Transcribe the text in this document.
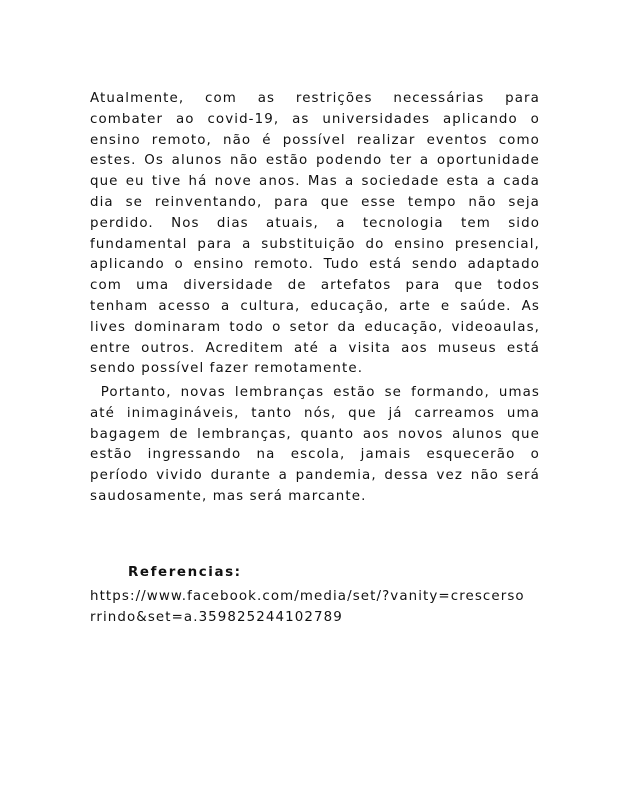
Atualmente, com as restrições necessárias para
combater ao covid-19, as universidades aplicando o
ensino remoto, não é possível realizar eventos como
estes. Os alunos não estão podendo ter a oportunidade
que eu tive há nove anos. Mas a sociedade esta a cada
dia se reinventando, para que esse tempo não seja
perdido. Nos dias atuais, a tecnologia tem sido
fundamental para a substituição do ensino presencial,
aplicando o ensino remoto. Tudo está sendo adaptado
com uma diversidade de artefatos para que todos
tenham acesso a cultura, educação, arte e saúde. As
lives dominaram todo o setor da educação, videoaulas,
entre outros. Acreditem até a visita aos museus está
sendo possível fazer remotamente.
Portanto, novas lembranças estão se formando, umas
até inimagináveis, tanto nós, que já carreamos uma
bagagem de lembranças, quanto aos novos alunos que
estão ingressando na escola, jamais esquecerão o
período vivido durante a pandemia, dessa vez não será
saudosamente, mas será marcante.
Referencias:
https://www.facebook.com/media/set/?vanity=crescerso
rrindo&set=a.359825244102789
